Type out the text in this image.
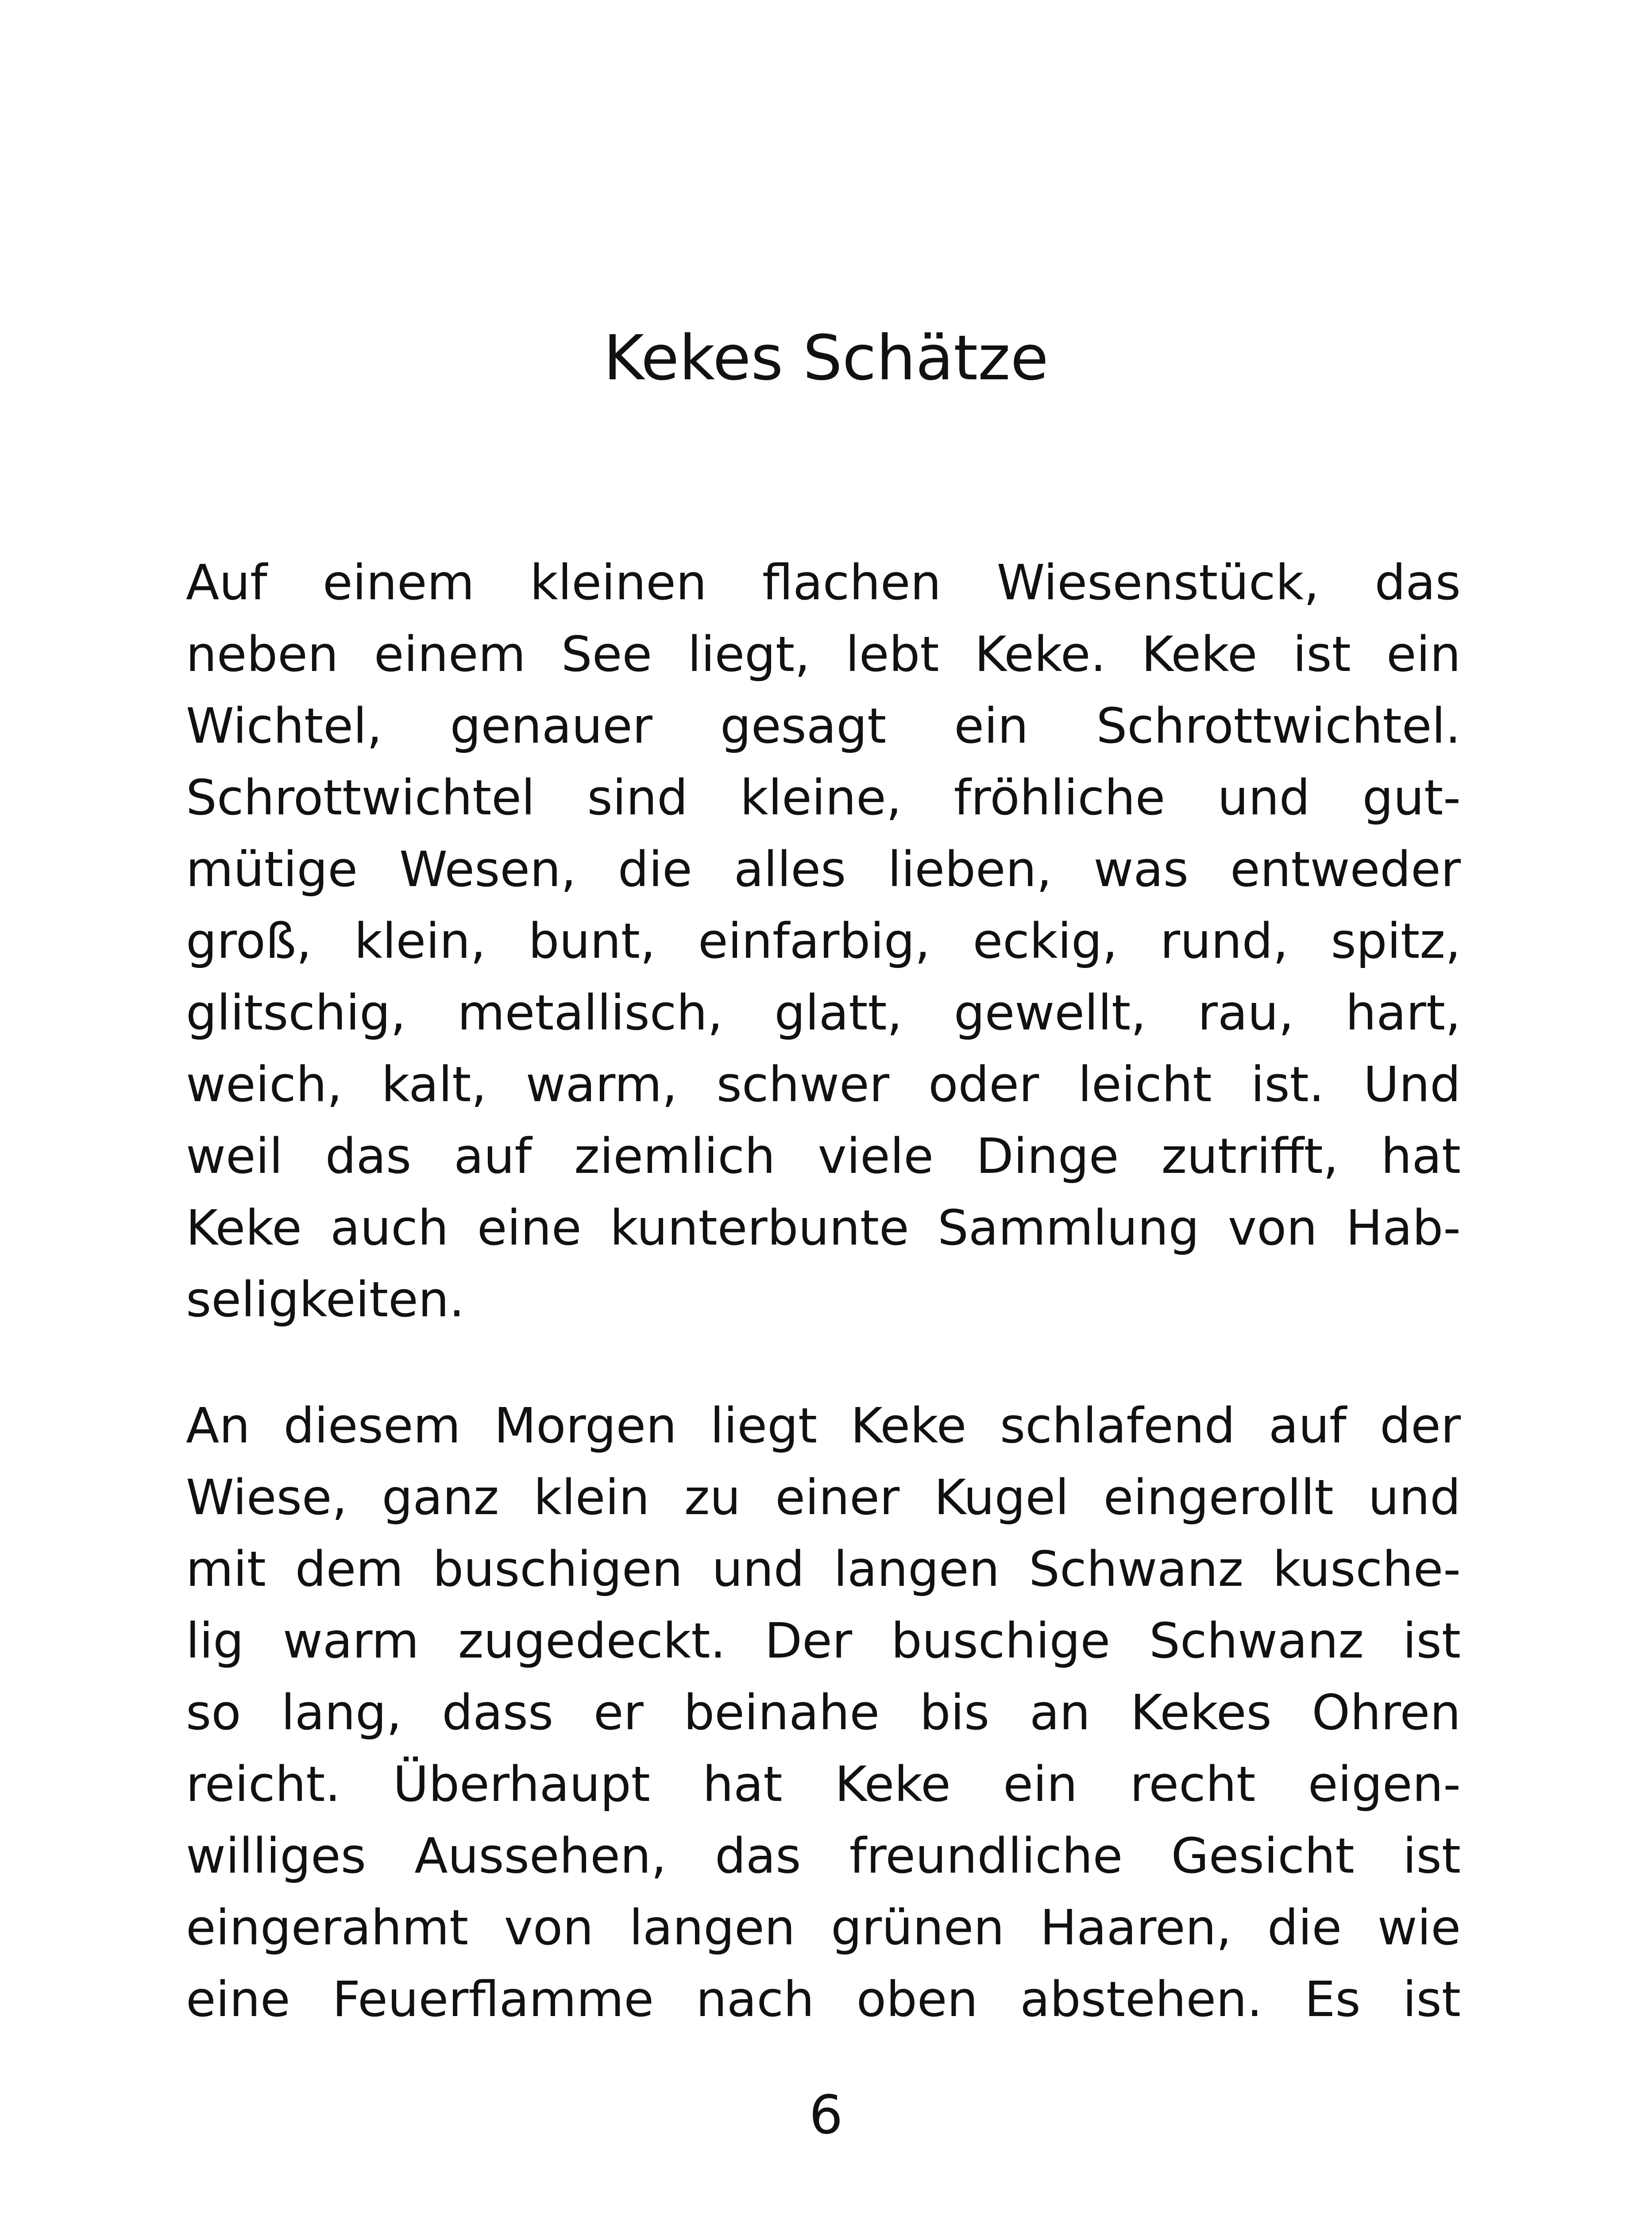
Kekes Schätze

Auf einem kleinen flachen Wiesenstück, das
neben einem See liegt, lebt Keke. Keke ist ein
Wichtel, genauer gesagt ein Schrottwichtel.
Schrottwichtel sind kleine, fröhliche und gut-
mütige Wesen, die alles lieben, was entweder
groß, klein, bunt, einfarbig, eckig, rund, spitz,
glitschig, metallisch, glatt, gewellt, rau, hart,
weich, kalt, warm, schwer oder leicht ist. Und
weil das auf ziemlich viele Dinge zutrifft, hat
Keke auch eine kunterbunte Sammlung von Hab-
seligkeiten.

An diesem Morgen liegt Keke schlafend auf der
Wiese, ganz klein zu einer Kugel eingerollt und
mit dem buschigen und langen Schwanz kusche-
lig warm zugedeckt. Der buschige Schwanz ist
so lang, dass er beinahe bis an Kekes Ohren
reicht. Überhaupt hat Keke ein recht eigen-
williges Aussehen, das freundliche Gesicht ist
eingerahmt von langen grünen Haaren, die wie
eine Feuerflamme nach oben abstehen. Es ist

6
